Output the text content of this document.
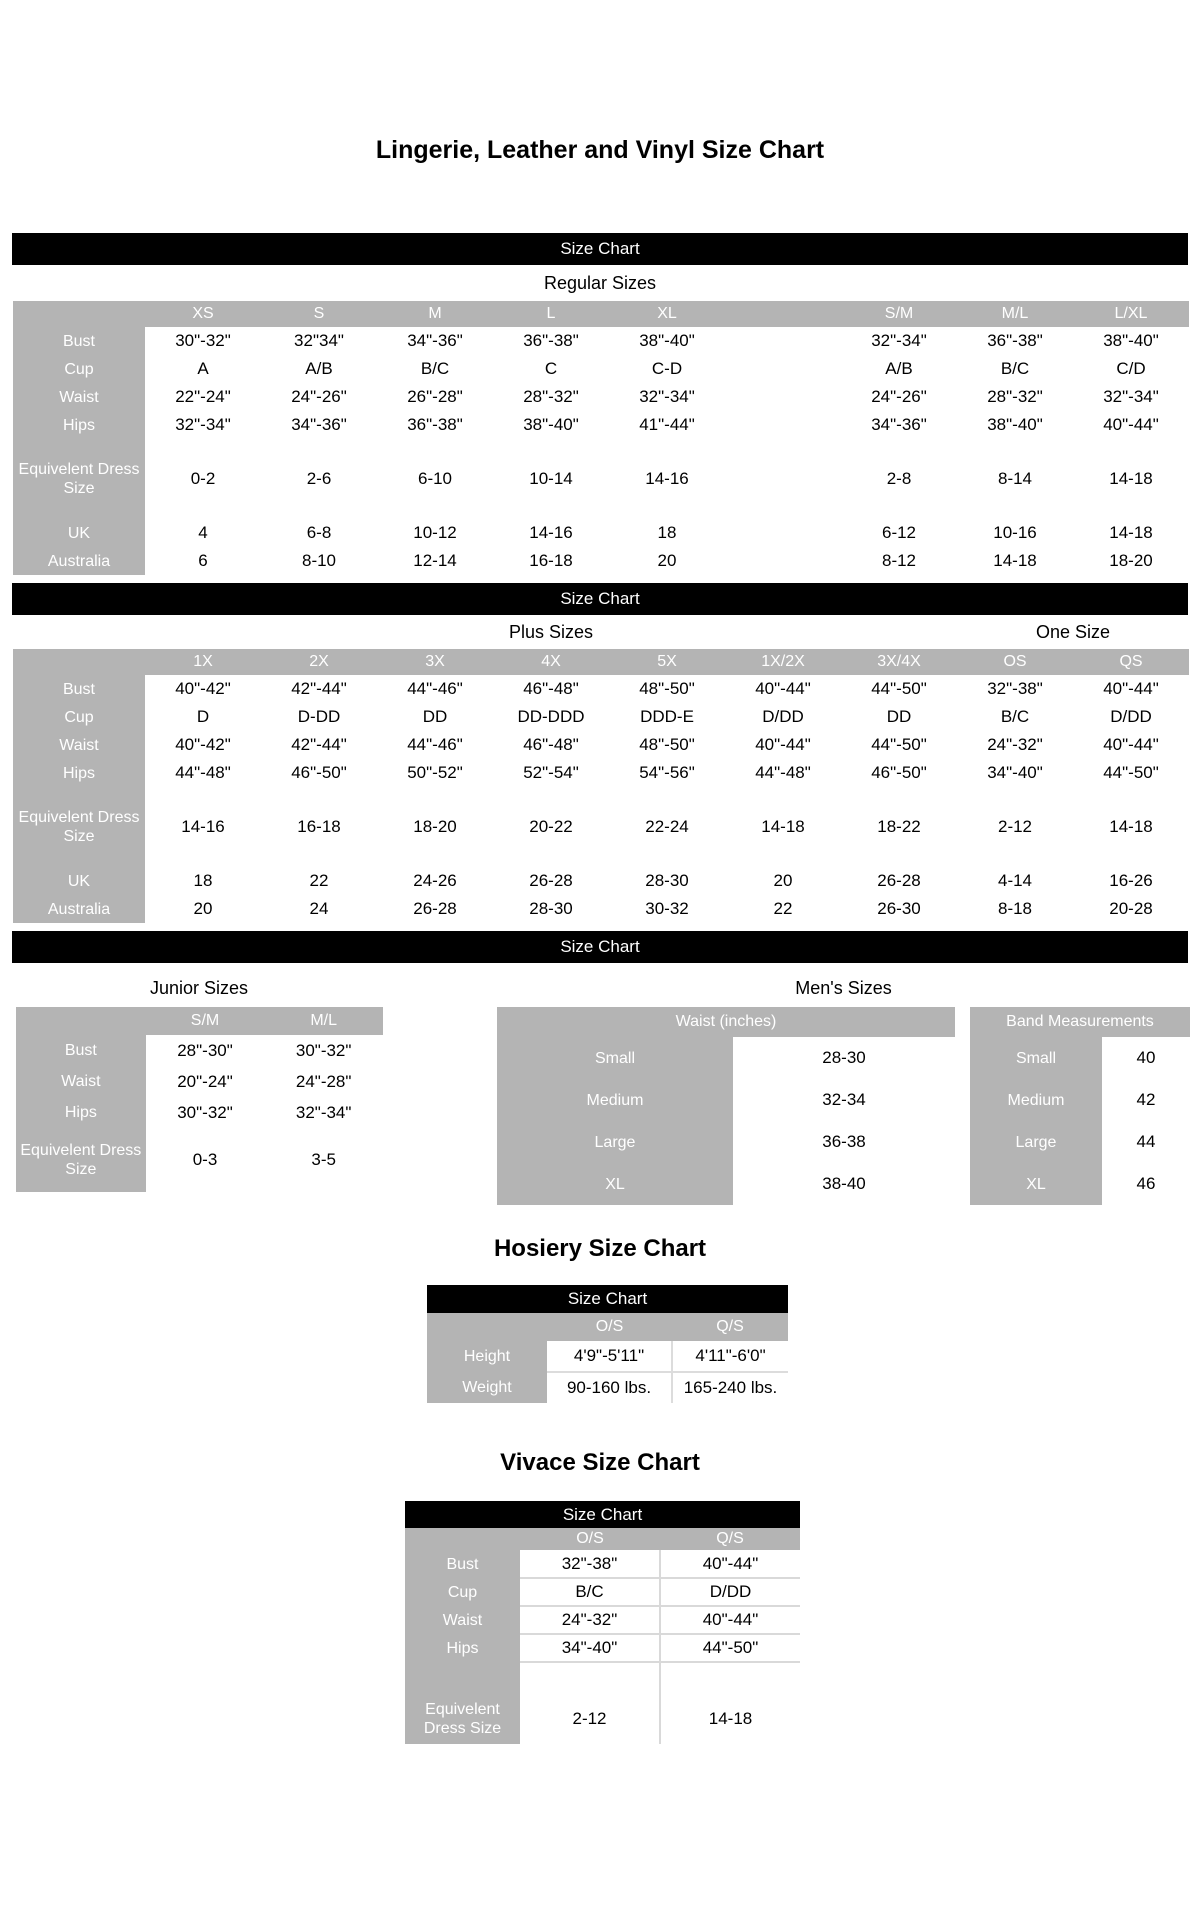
Lingerie, Leather and Vinyl Size Chart
Size Chart
Regular Sizes
	XS	S	M	L	XL		S/M	M/L	L/XL
Bust	30"-32"	32"34"	34"-36"	36"-38"	38"-40"		32"-34"	36"-38"	38"-40"
Cup	A	A/B	B/C	C	C-D		A/B	B/C	C/D
Waist	22"-24"	24"-26"	26"-28"	28"-32"	32"-34"		24"-26"	28"-32"	32"-34"
Hips	32"-34"	34"-36"	36"-38"	38"-40"	41"-44"		34"-36"	38"-40"	40"-44"
Equivelent Dress Size	0-2	2-6	6-10	10-14	14-16		2-8	8-14	14-18
UK	4	6-8	10-12	14-16	18		6-12	10-16	14-18
Australia	6	8-10	12-14	16-18	20		8-12	14-18	18-20
Size Chart
Plus Sizes	One Size
	1X	2X	3X	4X	5X	1X/2X	3X/4X	OS	QS
Bust	40"-42"	42"-44"	44"-46"	46"-48"	48"-50"	40"-44"	44"-50"	32"-38"	40"-44"
Cup	D	D-DD	DD	DD-DDD	DDD-E	D/DD	DD	B/C	D/DD
Waist	40"-42"	42"-44"	44"-46"	46"-48"	48"-50"	40"-44"	44"-50"	24"-32"	40"-44"
Hips	44"-48"	46"-50"	50"-52"	52"-54"	54"-56"	44"-48"	46"-50"	34"-40"	44"-50"
Equivelent Dress Size	14-16	16-18	18-20	20-22	22-24	14-18	18-22	2-12	14-18
UK	18	22	24-26	26-28	28-30	20	26-28	4-14	16-26
Australia	20	24	26-28	28-30	30-32	22	26-30	8-18	20-28
Size Chart
Junior Sizes
	S/M	M/L
Bust	28"-30"	30"-32"
Waist	20"-24"	24"-28"
Hips	30"-32"	32"-34"
Equivelent Dress Size	0-3	3-5
Men's Sizes
Waist (inches)	
Small	28-30
Medium	32-34
Large	36-38
XL	38-40
Band Measurements	
Small	40
Medium	42
Large	44
XL	46
Hosiery Size Chart
Size Chart
	O/S	Q/S
Height	4'9"-5'11"	4'11"-6'0"
Weight	90-160 lbs.	165-240 lbs.
Vivace Size Chart
Size Chart
	O/S	Q/S
Bust	32"-38"	40"-44"
Cup	B/C	D/DD
Waist	24"-32"	40"-44"
Hips	34"-40"	44"-50"

Equivelent Dress Size	2-12	14-18
